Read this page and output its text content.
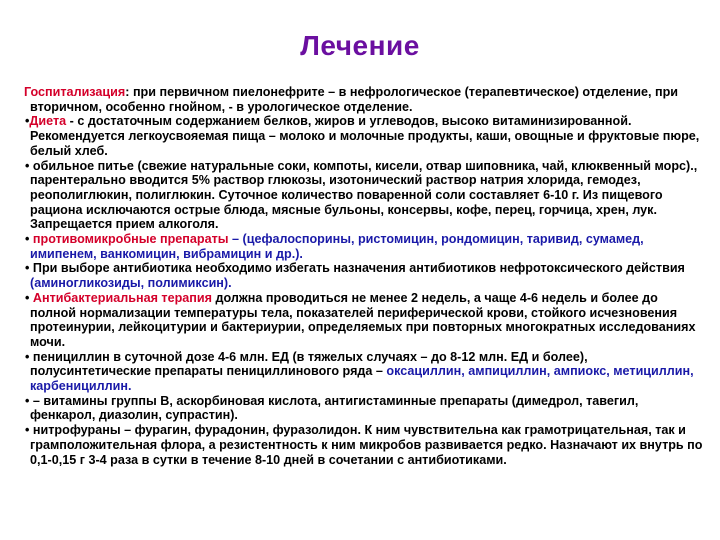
Лечение

Госпитализация: при первичном пиелонефрите – в нефрологическое (терапевтическое) отделение, при вторичном, особенно гнойном, - в урологическое отделение.

•Диета - с достаточным содержанием белков, жиров и углеводов, высоко витаминизированной. Рекомендуется легкоусвояемая пища – молоко и молочные продукты, каши, овощные и фруктовые пюре, белый хлеб.

• обильное питье (свежие натуральные соки, компоты, кисели, отвар шиповника, чай, клюквенный морс)., парентерально вводится 5% раствор глюкозы, изотонический раствор натрия хлорида, гемодез, реополиглюкин, полиглюкин. Суточное количество поваренной соли составляет 6-10 г. Из пищевого рациона исключаются острые блюда, мясные бульоны, консервы, кофе, перец, горчица, хрен, лук. Запрещается прием алкоголя.

• противомикробные препараты – (цефалоспорины, ристомицин, рондомицин, таривид, сумамед, имипенем, ванкомицин, вибрамицин и др.).

• При выборе антибиотика необходимо избегать назначения антибиотиков нефротоксического действия (аминогликозиды, полимиксин).

• Антибактериальная терапия должна проводиться не менее 2 недель, а чаще 4-6 недель и более до полной нормализации температуры тела, показателей периферической крови, стойкого исчезновения протеинурии, лейкоцитурии и бактериурии, определяемых при повторных многократных исследованиях мочи.

• пенициллин в суточной дозе 4-6 млн. ЕД (в тяжелых случаях – до 8-12 млн. ЕД и более), полусинтетические препараты пенициллинового ряда – оксациллин, ампициллин, ампиокс, метициллин, карбенициллин.

• – витамины группы В, аскорбиновая кислота, антигистаминные препараты (димедрол, тавегил, фенкарол, диазолин, супрастин).

• нитрофураны – фурагин, фурадонин, фуразолидон. К ним чувствительна как грамотрицательная, так и грамположительная флора, а резистентность к ним микробов развивается редко. Назначают их внутрь по 0,1-0,15 г 3-4 раза в сутки в течение 8-10 дней в сочетании с антибиотиками.
